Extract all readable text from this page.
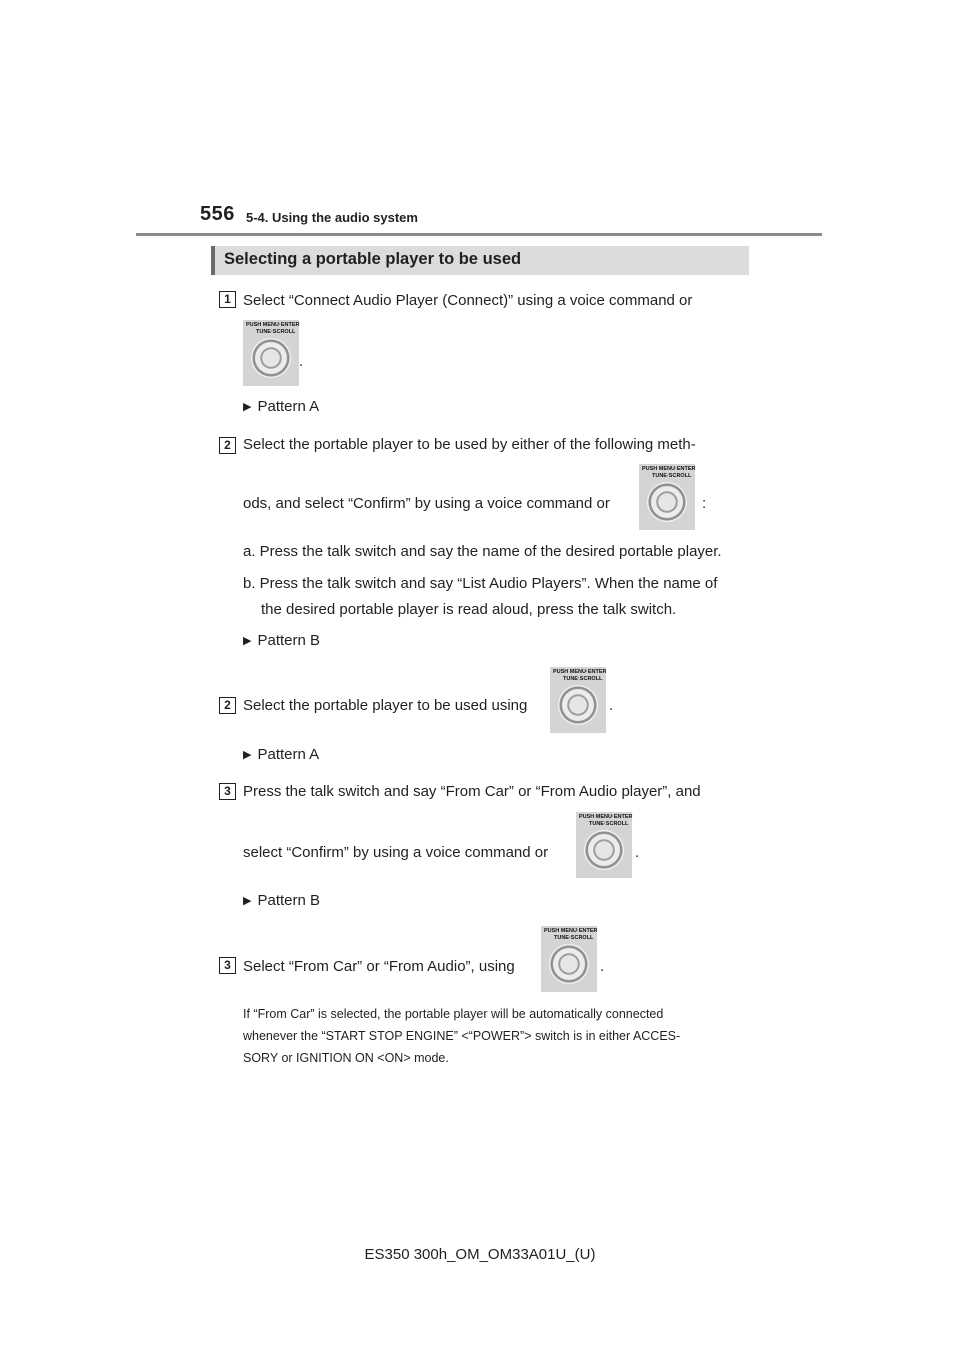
556 5-4. Using the audio system
Selecting a portable player to be used
1 Select “Connect Audio Player (Connect)” using a voice command or
PUSH MENU·ENTER
TUNE·SCROLL
.
▶ Pattern A
2 Select the portable player to be used by either of the following meth-
ods, and select “Confirm” by using a voice command or
PUSH MENU·ENTER
TUNE·SCROLL
:
a. Press the talk switch and say the name of the desired portable player.
b. Press the talk switch and say “List Audio Players”. When the name of
the desired portable player is read aloud, press the talk switch.
▶ Pattern B
2 Select the portable player to be used using
PUSH MENU·ENTER
TUNE·SCROLL
.
▶ Pattern A
3 Press the talk switch and say “From Car” or “From Audio player”, and
select “Confirm” by using a voice command or
PUSH MENU·ENTER
TUNE·SCROLL
.
▶ Pattern B
3 Select “From Car” or “From Audio”, using
PUSH MENU·ENTER
TUNE·SCROLL
.
If “From Car” is selected, the portable player will be automatically connected
whenever the “START STOP ENGINE” <“POWER”> switch is in either ACCES-
SORY or IGNITION ON <ON> mode.
ES350 300h_OM_OM33A01U_(U)
